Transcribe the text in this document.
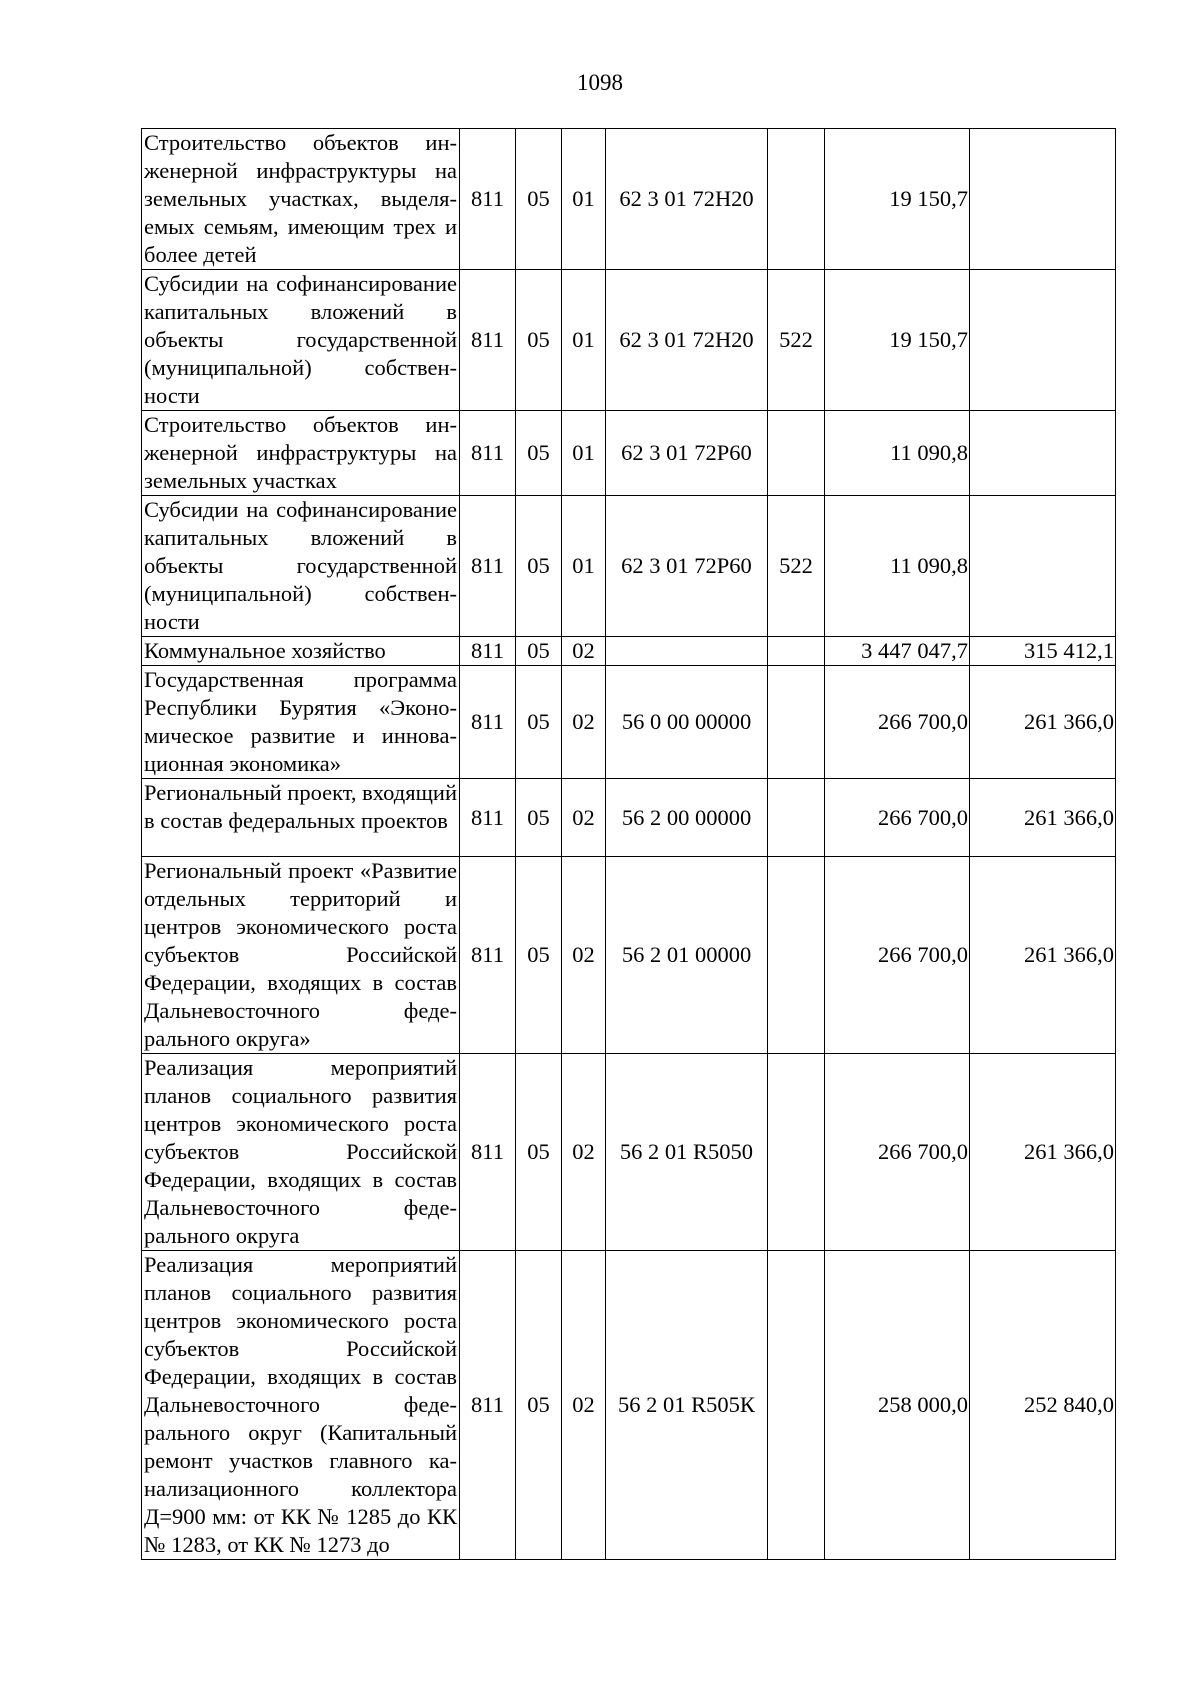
1098
Строительство объектов инженерной инфраструктуры на земельных участках, выделяемых семьям, имеющим трех и более детей	811	05	01	62 3 01 72Н20		19 150,7	
Субсидии на софинансирование капитальных вложений в объекты государственной (муниципальной) собственности	811	05	01	62 3 01 72Н20	522	19 150,7	
Строительство объектов инженерной инфраструктуры на земельных участках	811	05	01	62 3 01 72Р60		11 090,8	
Субсидии на софинансирование капитальных вложений в объекты государственной (муниципальной) собственности	811	05	01	62 3 01 72Р60	522	11 090,8	
Коммунальное хозяйство	811	05	02			3 447 047,7	315 412,1
Государственная программа Республики Бурятия «Экономическое развитие и инновационная экономика»	811	05	02	56 0 00 00000		266 700,0	261 366,0
Региональный проект, входящий в состав федеральных проектов	811	05	02	56 2 00 00000		266 700,0	261 366,0
Региональный проект «Развитие отдельных территорий и центров экономического роста субъектов Российской Федерации, входящих в состав Дальневосточного федерального округа»	811	05	02	56 2 01 00000		266 700,0	261 366,0
Реализация мероприятий планов социального развития центров экономического роста субъектов Российской Федерации, входящих в состав Дальневосточного федерального округа	811	05	02	56 2 01 R5050		266 700,0	261 366,0
Реализация мероприятий планов социального развития центров экономического роста субъектов Российской Федерации, входящих в состав Дальневосточного федерального округ (Капитальный ремонт участков главного канализационного коллектора Д=900 мм: от КК № 1285 до КК № 1283, от КК № 1273 до	811	05	02	56 2 01 R505К		258 000,0	252 840,0
